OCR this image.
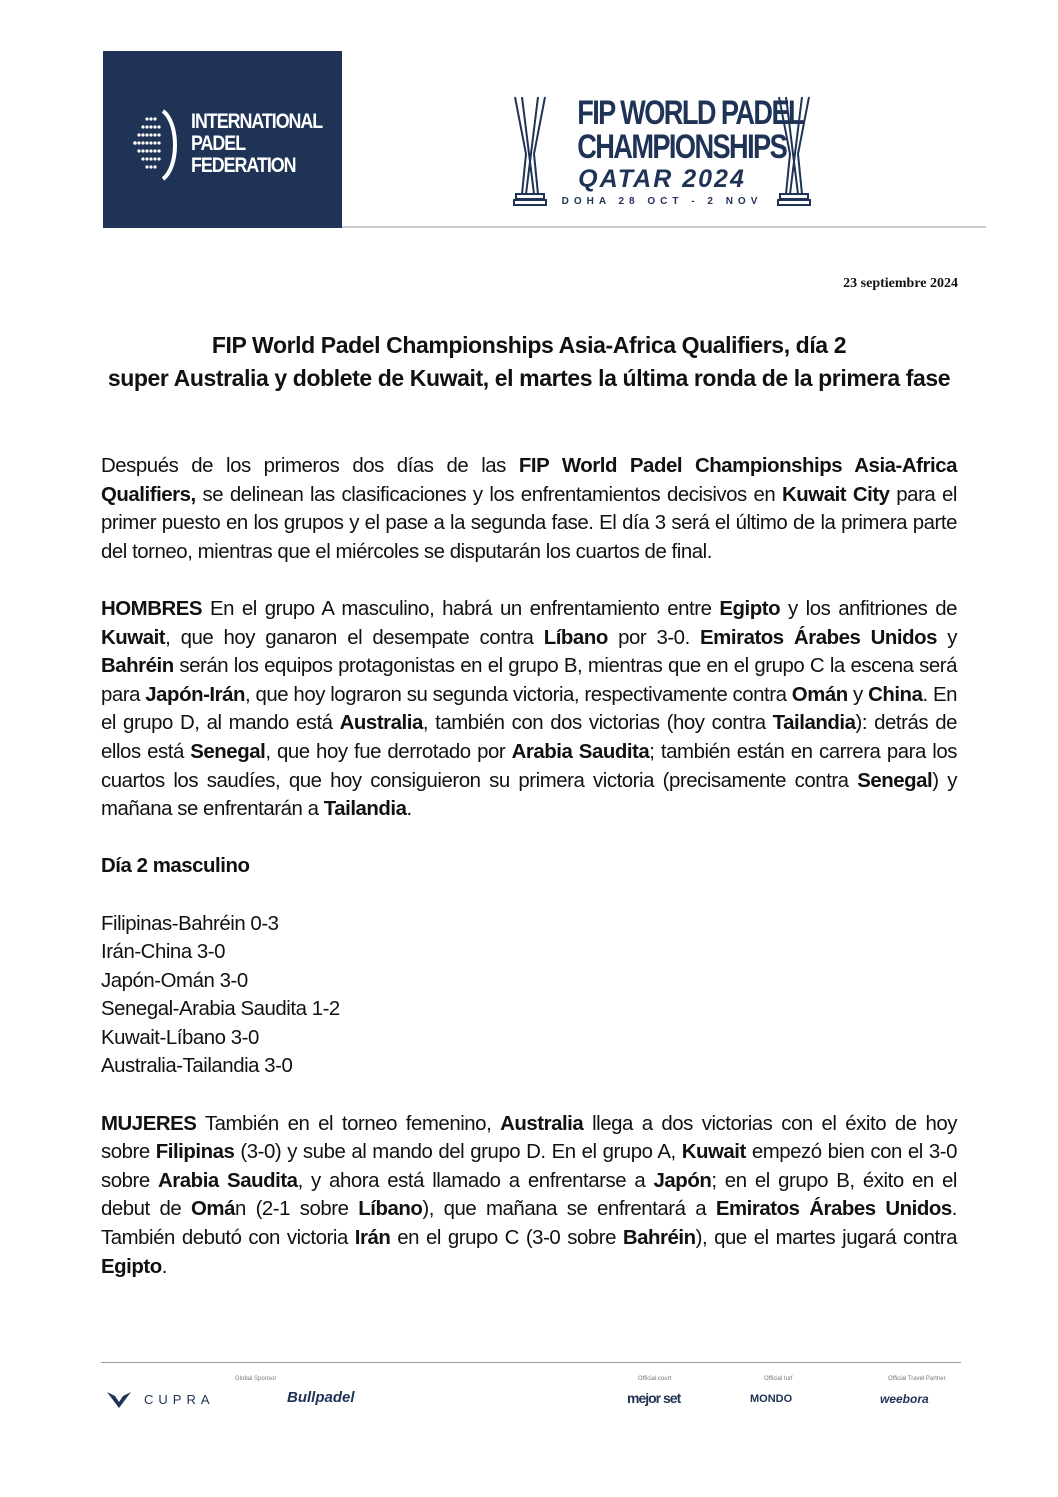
INTERNATIONAL
PADEL
FEDERATION
FIP WORLD PADEL
CHAMPIONSHIPS
QATAR 2024
DOHA 28 OCT - 2 NOV
23 septiembre 2024
FIP World Padel Championships Asia-Africa Qualifiers, día 2
super Australia y doblete de Kuwait, el martes la última ronda de la primera fase

Después de los primeros dos días de las FIP World Padel Championships Asia-Africa Qualifiers, se delinean las clasificaciones y los enfrentamientos decisivos en Kuwait City para el primer puesto en los grupos y el pase a la segunda fase. El día 3 será el último de la primera parte del torneo, mientras que el miércoles se disputarán los cuartos de final.

HOMBRES En el grupo A masculino, habrá un enfrentamiento entre Egipto y los anfitriones de Kuwait, que hoy ganaron el desempate contra Líbano por 3-0. Emiratos Árabes Unidos y Bahréin serán los equipos protagonistas en el grupo B, mientras que en el grupo C la escena será para Japón-Irán, que hoy lograron su segunda victoria, respectivamente contra Omán y China. En el grupo D, al mando está Australia, también con dos victorias (hoy contra Tailandia): detrás de ellos está Senegal, que hoy fue derrotado por Arabia Saudita; también están en carrera para los cuartos los saudíes, que hoy consiguieron su primera victoria (precisamente contra Senegal) y mañana se enfrentarán a Tailandia.

Día 2 masculino

Filipinas-Bahréin 0-3

Irán-China 3-0

Japón-Omán 3-0

Senegal-Arabia Saudita 1-2

Kuwait-Líbano 3-0

Australia-Tailandia 3-0

MUJERES También en el torneo femenino, Australia llega a dos victorias con el éxito de hoy sobre Filipinas (3-0) y sube al mando del grupo D. En el grupo A, Kuwait empezó bien con el 3-0 sobre Arabia Saudita, y ahora está llamado a enfrentarse a Japón; en el grupo B, éxito en el debut de Omán (2-1 sobre Líbano), que mañana se enfrentará a Emiratos Árabes Unidos. También debutó con victoria Irán en el grupo C (3-0 sobre Bahréin), que el martes jugará contra Egipto.

Global Sponsor	Official court	Official turf	Official Travel Partner
CUPRA	Bullpadel	mejor set	MONDO	weebora
